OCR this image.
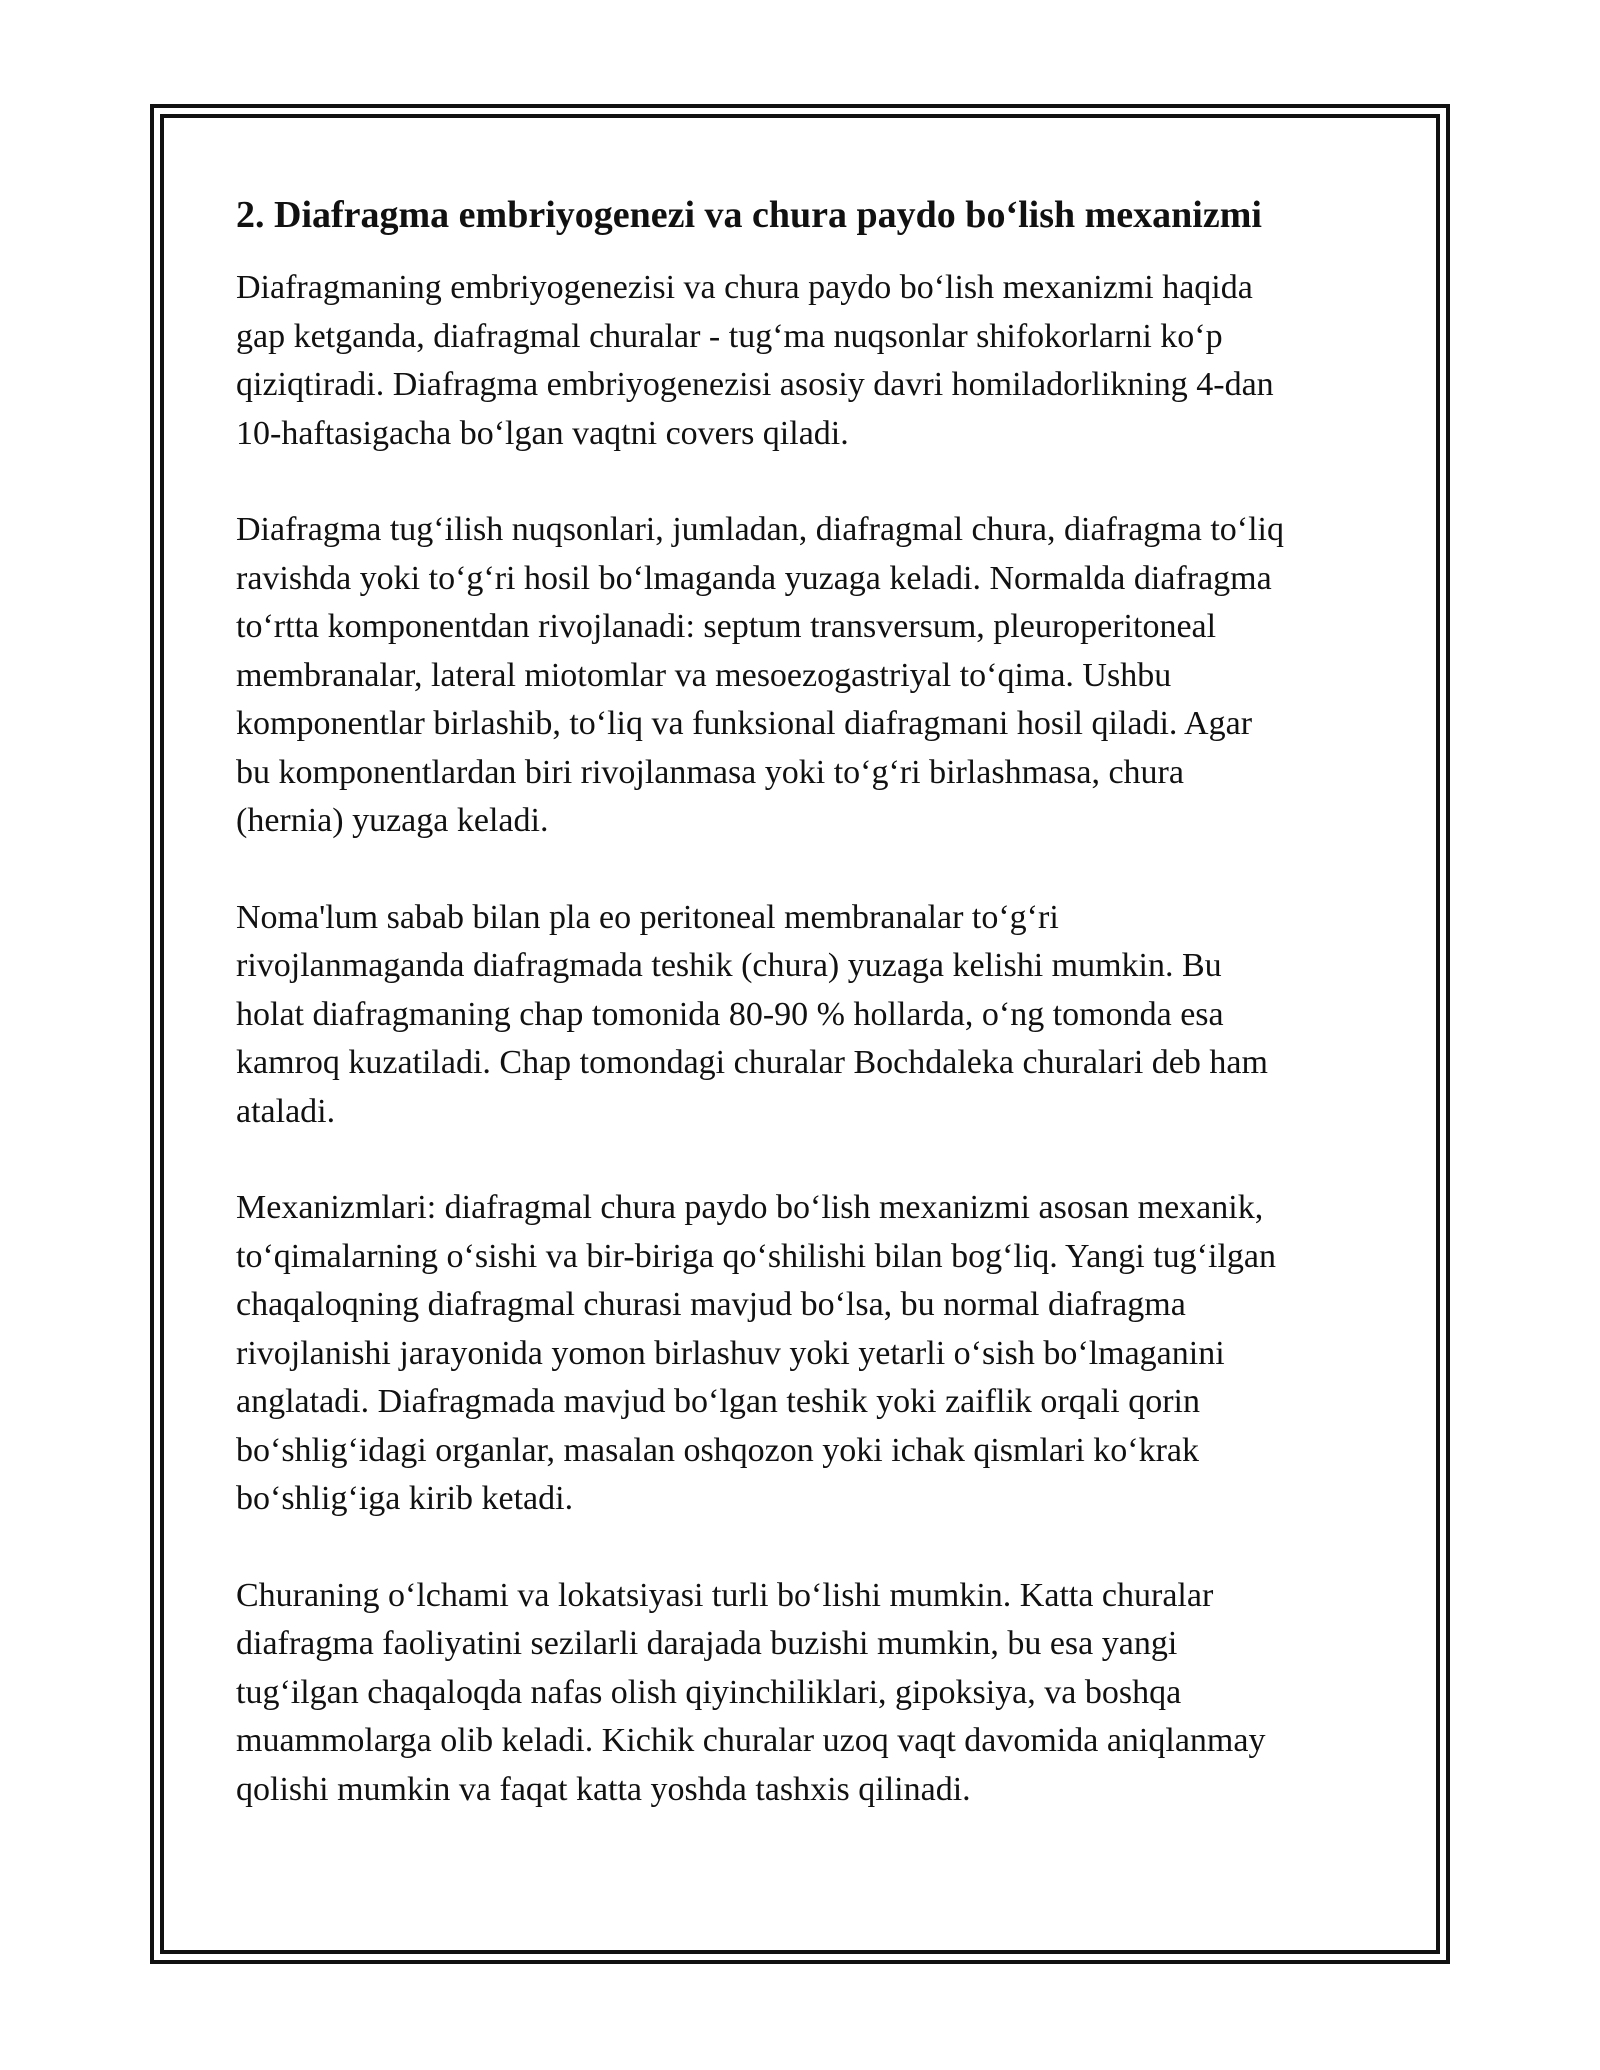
2. Diafragma embriyogenezi va chura paydo bo‘lish mexanizmi

Diafragmaning embriyogenezisi va chura paydo bo‘lish mexanizmi haqida
gap ketganda, diafragmal churalar - tug‘ma nuqsonlar shifokorlarni ko‘p
qiziqtiradi. Diafragma embriyogenezisi asosiy davri homiladorlikning 4-dan
10-haftasigacha bo‘lgan vaqtni covers qiladi.

Diafragma tug‘ilish nuqsonlari, jumladan, diafragmal chura, diafragma to‘liq
ravishda yoki to‘g‘ri hosil bo‘lmaganda yuzaga keladi. Normalda diafragma
to‘rtta komponentdan rivojlanadi: septum transversum, pleuroperitoneal
membranalar, lateral miotomlar va mesoezogastriyal to‘qima. Ushbu
komponentlar birlashib, to‘liq va funksional diafragmani hosil qiladi. Agar
bu komponentlardan biri rivojlanmasa yoki to‘g‘ri birlashmasa, chura
(hernia) yuzaga keladi.

Noma'lum sabab bilan pla eo peritoneal membranalar to‘g‘ri
rivojlanmaganda diafragmada teshik (chura) yuzaga kelishi mumkin. Bu
holat diafragmaning chap tomonida 80-90 % hollarda, o‘ng tomonda esa
kamroq kuzatiladi. Chap tomondagi churalar Bochdaleka churalari deb ham
ataladi.

Mexanizmlari: diafragmal chura paydo bo‘lish mexanizmi asosan mexanik,
to‘qimalarning o‘sishi va bir-biriga qo‘shilishi bilan bog‘liq. Yangi tug‘ilgan
chaqaloqning diafragmal churasi mavjud bo‘lsa, bu normal diafragma
rivojlanishi jarayonida yomon birlashuv yoki yetarli o‘sish bo‘lmaganini
anglatadi. Diafragmada mavjud bo‘lgan teshik yoki zaiflik orqali qorin
bo‘shlig‘idagi organlar, masalan oshqozon yoki ichak qismlari ko‘krak
bo‘shlig‘iga kirib ketadi.

Churaning o‘lchami va lokatsiyasi turli bo‘lishi mumkin. Katta churalar
diafragma faoliyatini sezilarli darajada buzishi mumkin, bu esa yangi
tug‘ilgan chaqaloqda nafas olish qiyinchiliklari, gipoksiya, va boshqa
muammolarga olib keladi. Kichik churalar uzoq vaqt davomida aniqlanmay
qolishi mumkin va faqat katta yoshda tashxis qilinadi.
